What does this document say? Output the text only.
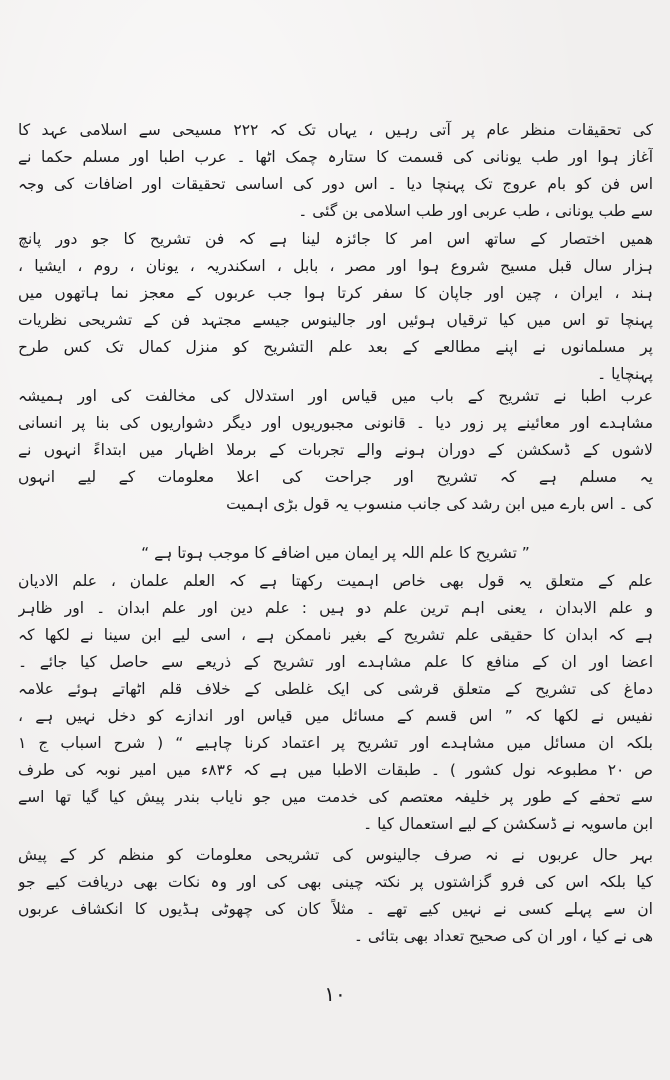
کی تحقیقات منظر عام پر آتی رہیں ، یہاں تک کہ ۲۲۲ مسیحی سے اسلامی عہد کا
آغاز ہوا اور طب یونانی کی قسمت کا ستارہ چمک اٹھا ۔ عرب اطبا اور مسلم حکما نے
اس فن کو بام عروج تک پہنچا دیا ۔ اس دور کی اساسی تحقیقات اور اضافات کی وجہ
سے طب یونانی ، طب عربی اور طب اسلامی بن گئی ۔
ھمیں اختصار کے ساتھ اس امر کا جائزہ لینا ہے کہ فن تشریح کا جو دور پانچ
ہزار سال قبل مسیح شروع ہوا اور مصر ، بابل ، اسکندریہ ، یونان ، روم ، ایشیا ،
ہند ، ایران ، چین اور جاپان کا سفر کرتا ہوا جب عربوں کے معجز نما ہاتھوں میں
پہنچا تو اس میں کیا ترقیاں ہوئیں اور جالینوس جیسے مجتہد فن کے تشریحی نظریات
پر مسلمانوں نے اپنے مطالعے کے بعد علم التشریح کو منزل کمال تک کس طرح
پہنچایا ۔
عرب اطبا نے تشریح کے باب میں قیاس اور استدلال کی مخالفت کی اور ہمیشہ
مشاہدے اور معائینے پر زور دیا ۔ قانونی مجبوریوں اور دیگر دشواریوں کی بنا پر انسانی
لاشوں کے ڈسکشن کے دوران ہونے والے تجربات کے برملا اظہار میں ابتداءً انہوں نے
یہ مسلم ہے کہ تشریح اور جراحت کی اعلا معلومات کے لیے انہوں
کی ۔ اس بارے میں ابن رشد کی جانب منسوب یہ قول بڑی اہمیت
” تشریح کا علم اللہ پر ایمان میں اضافے کا موجب ہوتا ہے “
علم کے متعلق یہ قول بھی خاص اہمیت رکھتا ہے کہ العلم علمان ، علم الادیان
و علم الابدان ، یعنی اہم ترین علم دو ہیں : علم دین اور علم ابدان ۔ اور ظاہر
ہے کہ ابدان کا حقیقی علم تشریح کے بغیر ناممکن ہے ، اسی لیے ابن سینا نے لکھا کہ
اعضا اور ان کے منافع کا علم مشاہدے اور تشریح کے ذریعے سے حاصل کیا جائے ۔
دماغ کی تشریح کے متعلق قرشی کی ایک غلطی کے خلاف قلم اٹھاتے ہوئے علامہ
نفیس نے لکھا کہ ” اس قسم کے مسائل میں قیاس اور اندازے کو دخل نہیں ہے ،
بلکہ ان مسائل میں مشاہدے اور تشریح پر اعتماد کرنا چاہیے “ ( شرح اسباب ج ۱
ص ۲۰ مطبوعہ نول کشور ) ۔ طبقات الاطبا میں ہے کہ ۸۳۶ء میں امیر نوبہ کی طرف
سے تحفے کے طور پر خلیفہ معتصم کی خدمت میں جو نایاب بندر پیش کیا گیا تھا اسے
ابن ماسویہ نے ڈسکشن کے لیے استعمال کیا ۔
بہر حال عربوں نے نہ صرف جالینوس کی تشریحی معلومات کو منظم کر کے پیش
کیا بلکہ اس کی فرو گزاشتوں پر نکتہ چینی بھی کی اور وہ نکات بھی دریافت کیے جو
ان سے پہلے کسی نے نہیں کیے تھے ۔ مثلاً کان کی چھوٹی ہڈیوں کا انکشاف عربوں
ھی نے کیا ، اور ان کی صحیح تعداد بھی بتائی ۔
۱۰
